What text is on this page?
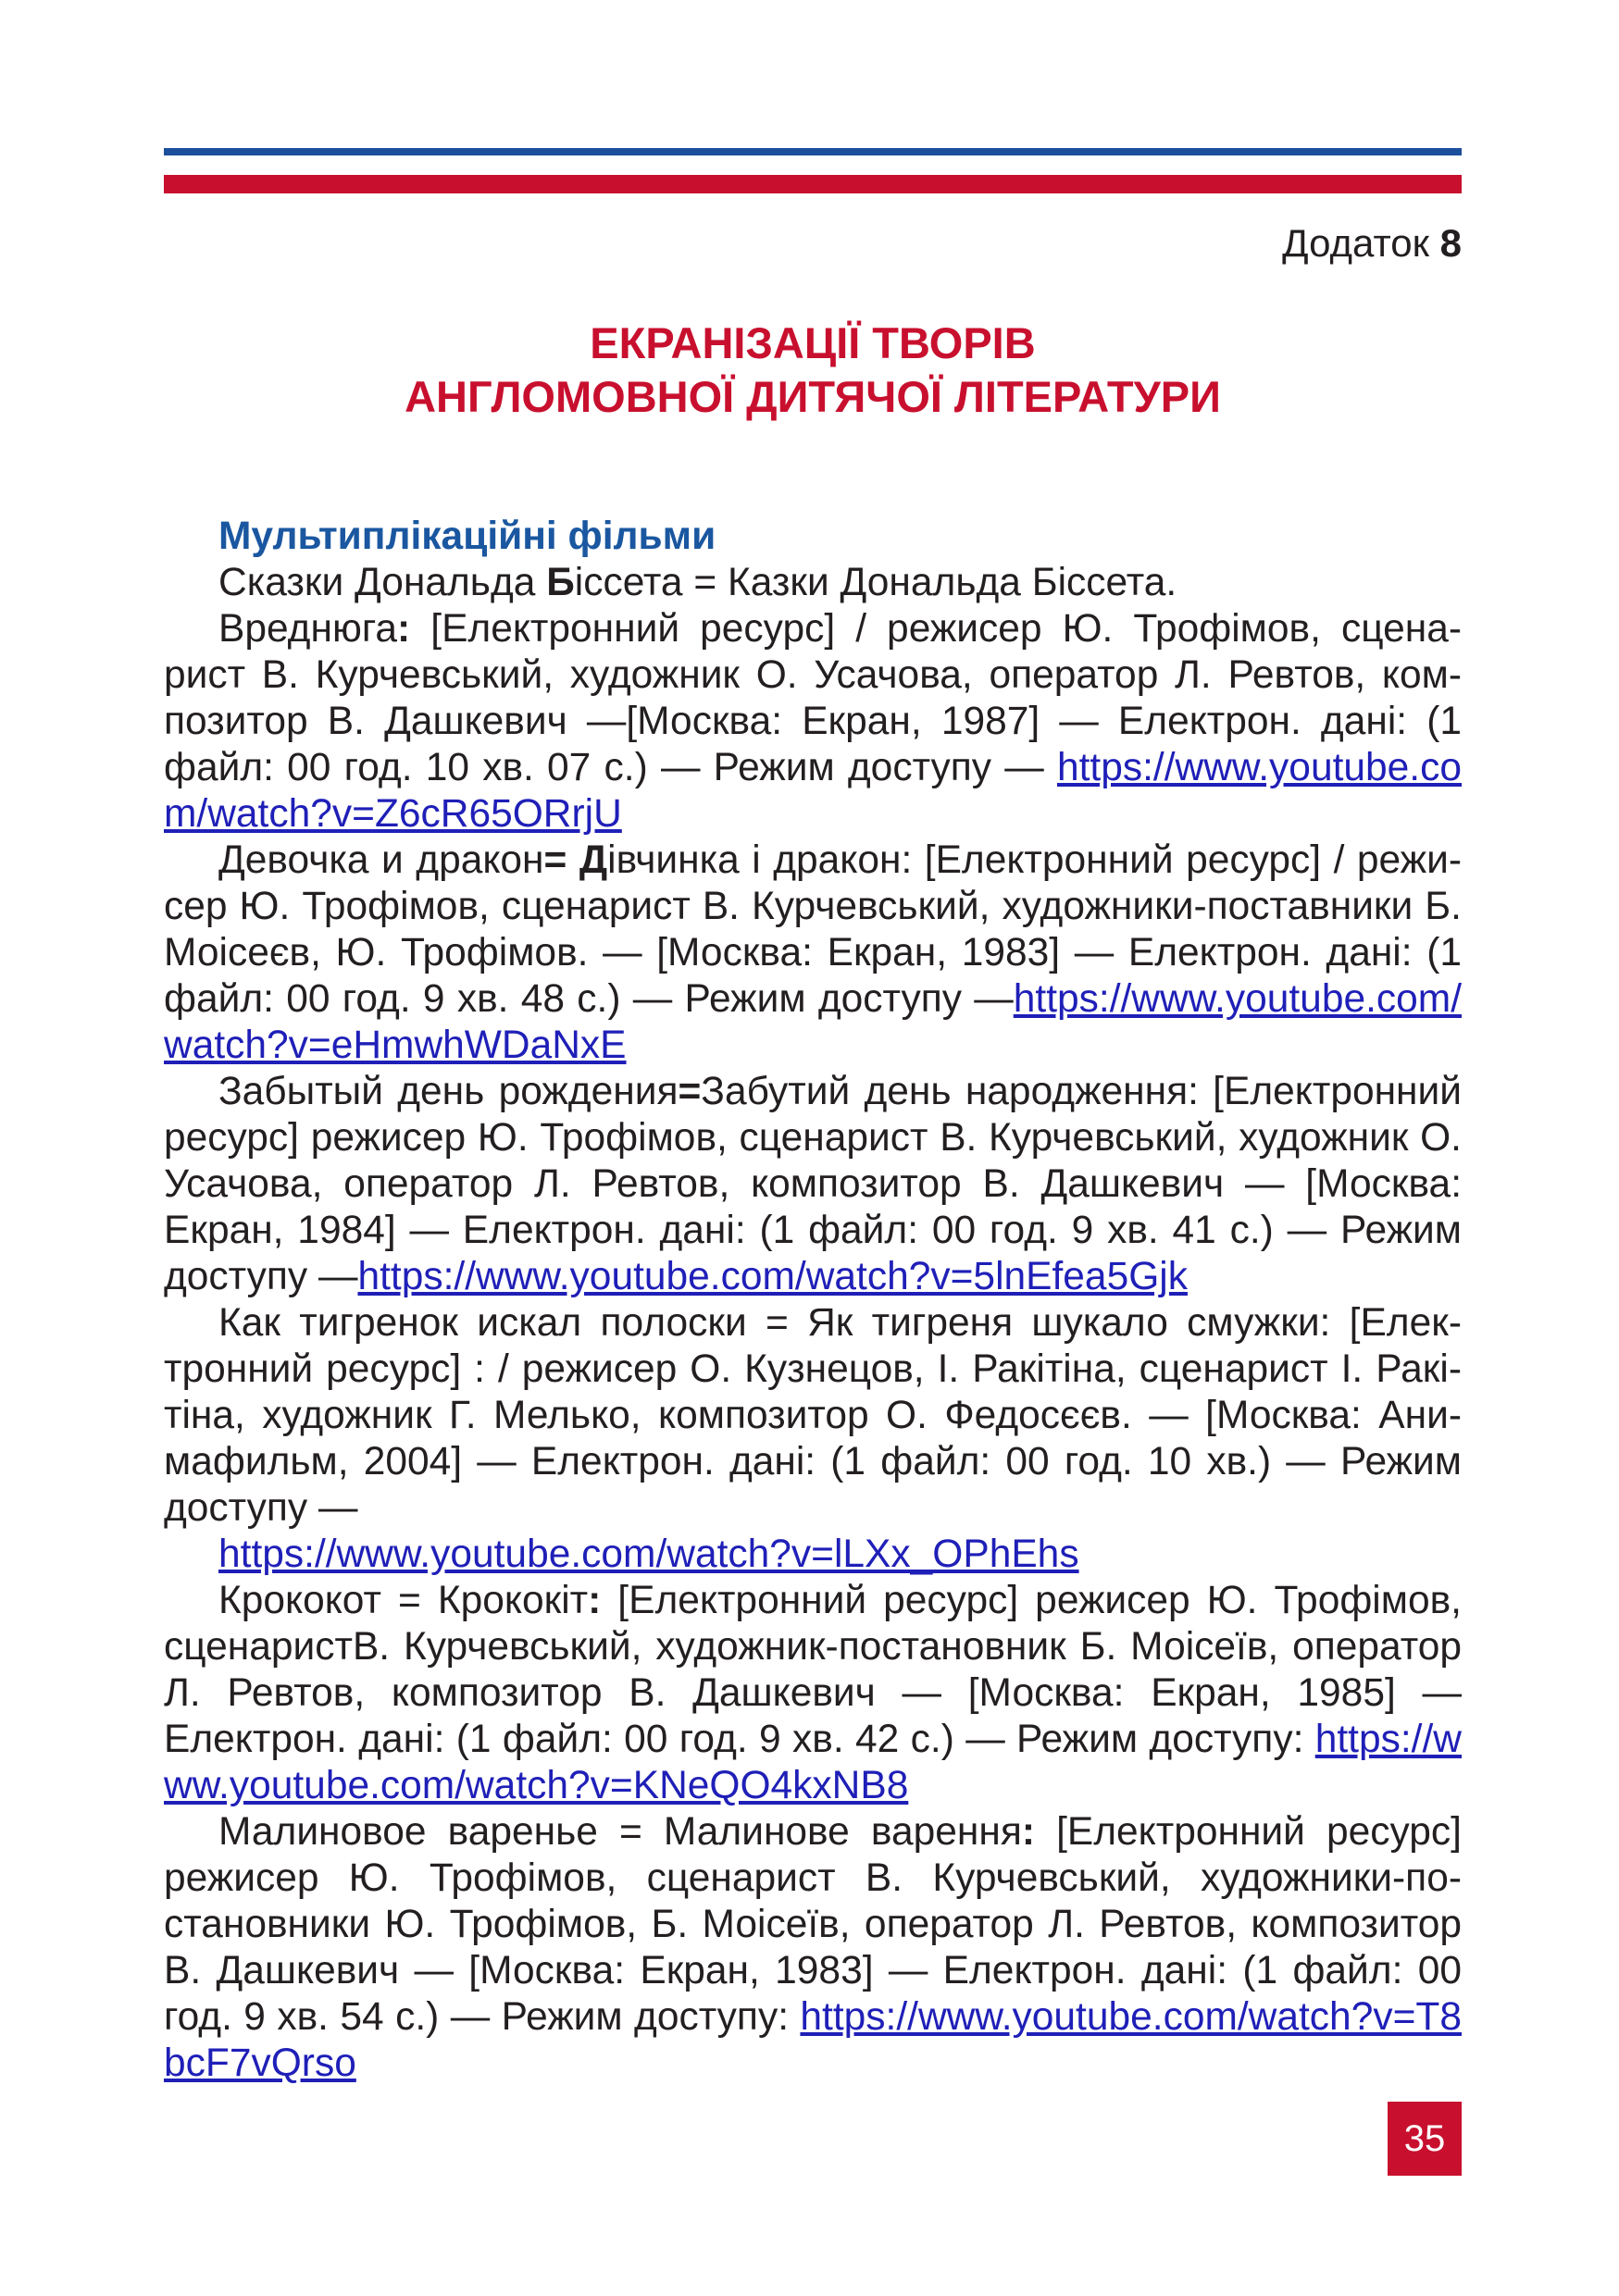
Додаток 8
ЕКРАНІЗАЦІЇ ТВОРІВ
АНГЛОМОВНОЇ ДИТЯЧОЇ ЛІТЕРАТУРИ

Мультиплікаційні фільми

Сказки Дональда Біссета = Казки Дональда Біссета.

Вреднюга: [Електронний ресурс] / режисер Ю. Трофімов, сценарист В. Курчевський, художник О. Усачова, оператор Л. Ревтов, композитор В. Дашкевич —[Москва: Екран, 1987] — Електрон. дані: (1 файл: 00 год. 10 хв. 07 с.) — Режим доступу — https://www.youtube.com/watch?v=Z6cR65ORrjU

Девочка и дракон= Дівчинка і дракон: [Електронний ресурс] / режисер Ю. Трофімов, сценарист В. Курчевський, художники-поставники Б. Моісеєв, Ю. Трофімов. — [Москва: Екран, 1983] — Електрон. дані: (1 файл: 00 год. 9 хв. 48 с.) — Режим доступу —https://www.youtube.com/watch?v=eHmwhWDaNxE

Забытый день рождения=Забутий день народження: [Електронний ресурс] режисер Ю. Трофімов, сценарист В. Курчевський, художник О. Усачова, оператор Л. Ревтов, композитор В. Дашкевич — [Москва: Екран, 1984] — Електрон. дані: (1 файл: 00 год. 9 хв. 41 с.) — Режим доступу —https://www.youtube.com/watch?v=5lnEfea5Gjk

Как тигренок искал полоски = Як тигреня шукало смужки: [Електронний ресурс] : / режисер О. Кузнецов, І. Ракітіна, сценарист І. Ракітіна, художник Г. Мелько, композитор О. Федосєєв. — [Москва: Анимафильм, 2004] — Електрон. дані: (1 файл: 00 год. 10 хв.) — Режим доступу —

https://www.youtube.com/watch?v=lLXx_OPhEhs

Крококот = Крококіт: [Електронний ресурс] режисер Ю. Трофімов, сценаристВ. Курчевський, художник-постановник Б. Моісеїв, оператор Л. Ревтов, композитор В. Дашкевич — [Москва: Екран, 1985] — Електрон. дані: (1 файл: 00 год. 9 хв. 42 с.) — Режим доступу: https://www.youtube.com/watch?v=KNeQO4kxNB8

Малиновое варенье = Малинове варення: [Електронний ресурс] режисер Ю. Трофімов, сценарист В. Курчевський, художники-постановники Ю. Трофімов, Б. Моісеїв, оператор Л. Ревтов, композитор В. Дашкевич — [Москва: Екран, 1983] — Електрон. дані: (1 файл: 00 год. 9 хв. 54 с.) — Режим доступу: https://www.youtube.com/watch?v=T8bcF7vQrso

35
